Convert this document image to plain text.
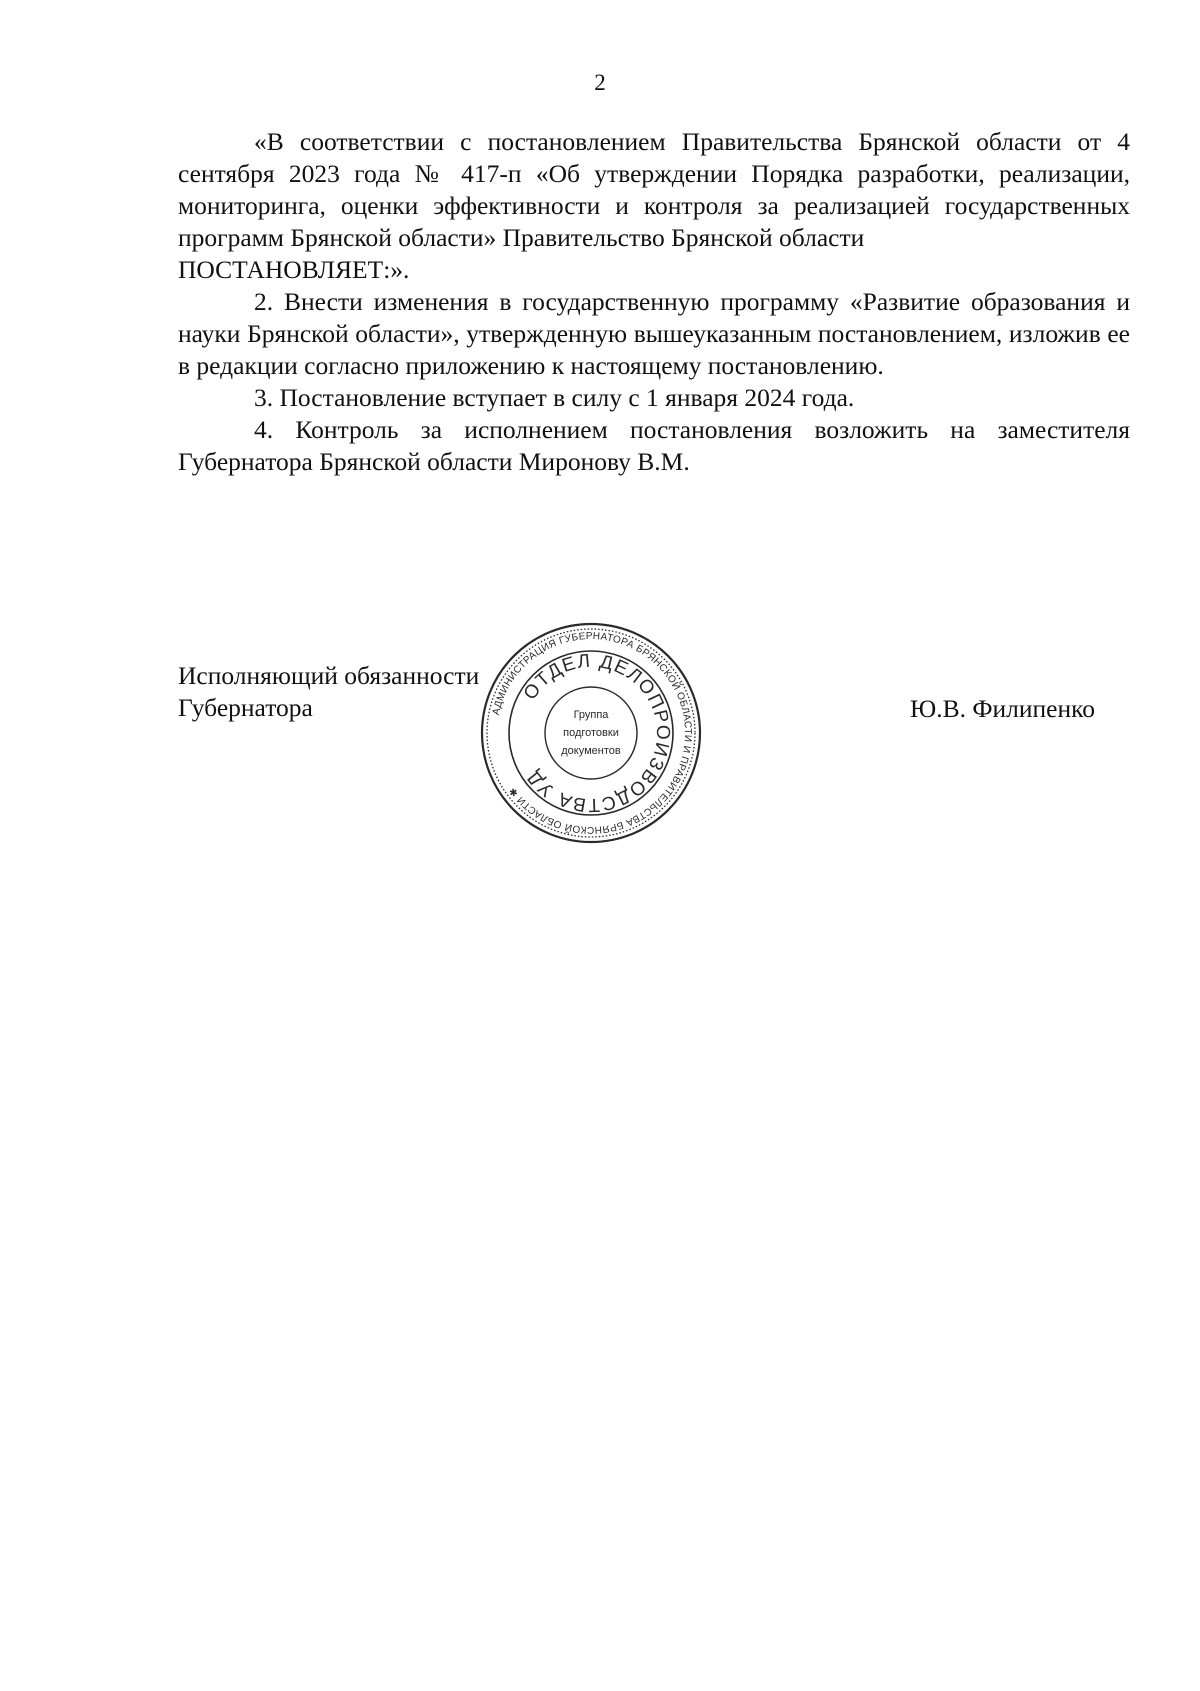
2

«В соответствии с постановлением Правительства Брянской области от 4 сентября 2023 года № 417-п «Об утверждении Порядка разработки, реализации, мониторинга, оценки эффективности и контроля за реализацией государственных программ Брянской области» Правительство Брянской области

ПОСТАНОВЛЯЕТ:».

2. Внести изменения в государственную программу «Развитие образования и науки Брянской области», утвержденную вышеуказанным постановлением, изложив ее в редакции согласно приложению к настоящему постановлению.

3. Постановление вступает в силу с 1 января 2024 года.

4. Контроль за исполнением постановления возложить на заместителя Губернатора Брянской области Миронову В.М.

Исполняющий обязанности
Губернатора	Ю.В. Филипенко
АДМИНИСТРАЦИЯ ГУБЕРНАТОРА БРЯНСКОЙ ОБЛАСТИ И ПРАВИТЕЛЬСТВА БРЯНСКОЙ ОБЛАСТИ ✱
ОТДЕЛ ДЕЛОПРОИЗВОДСТВА УД
Группа
подготовки
документов
